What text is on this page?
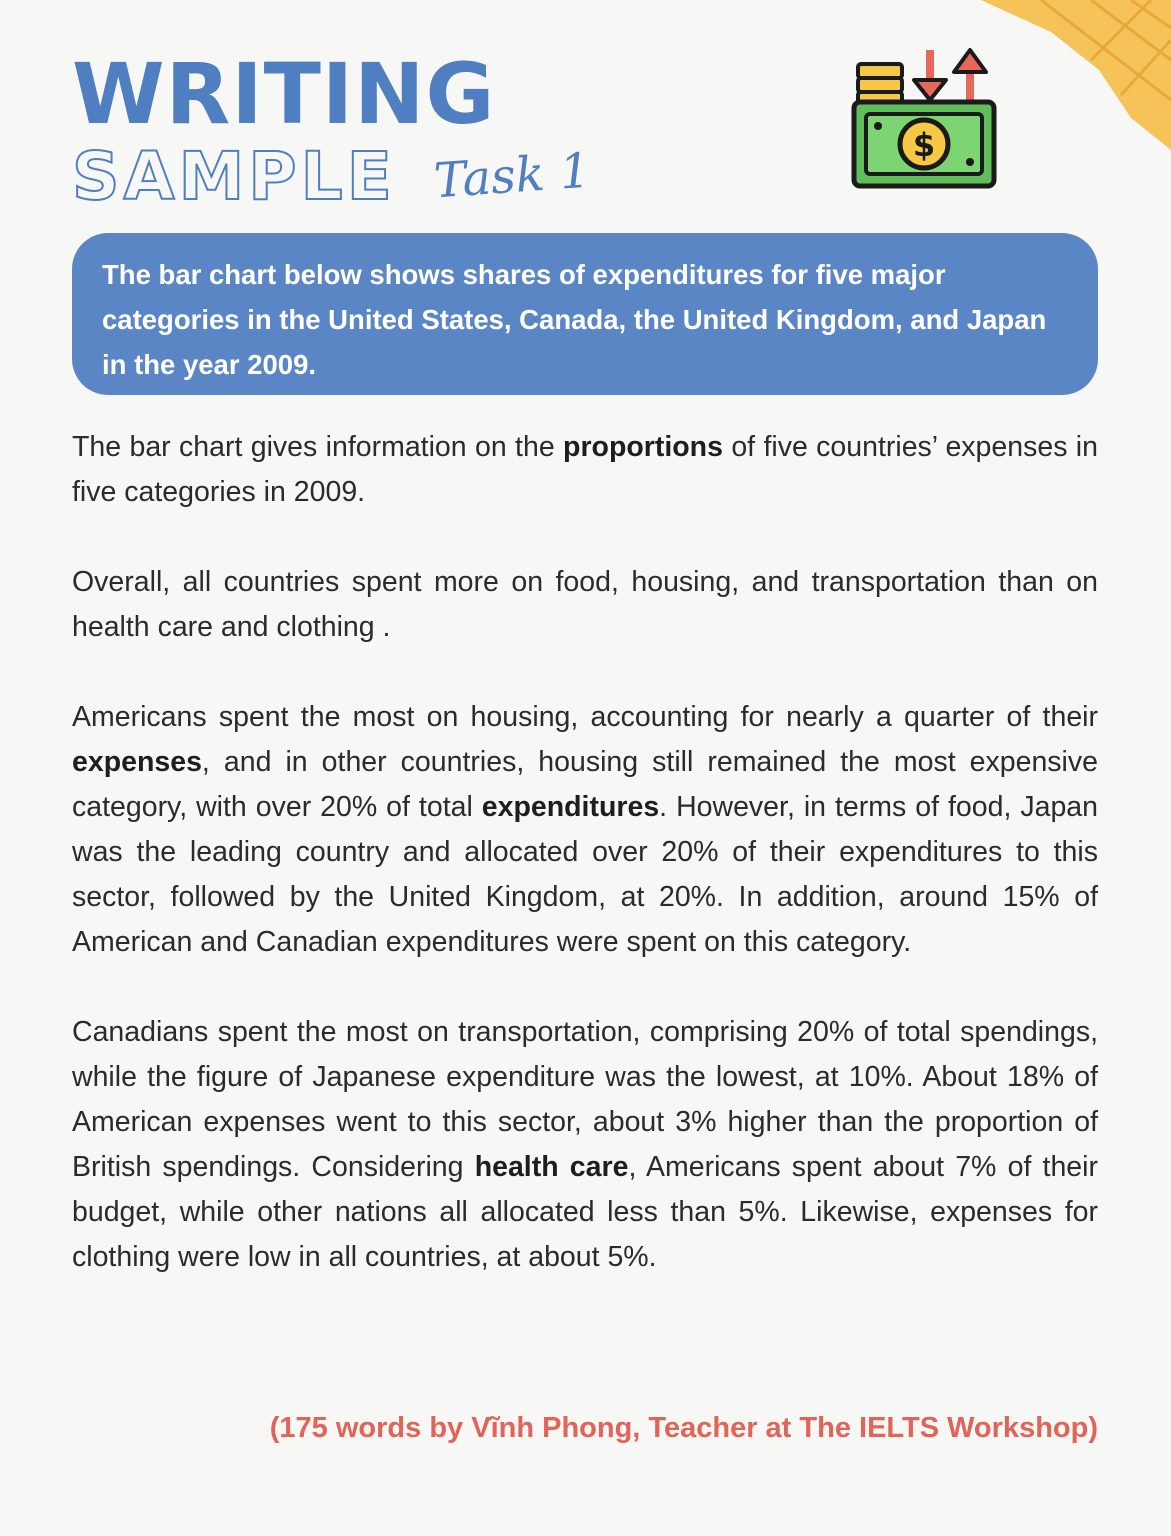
WRITING
SAMPLE Task 1	$
The bar chart below shows shares of expenditures for five major categories in the United States, Canada, the United Kingdom, and Japan in the year 2009.

The bar chart gives information on the proportions of five countries’ expenses in five categories in 2009.

Overall, all countries spent more on food, housing, and transportation than on health care and clothing .

Americans spent the most on housing, accounting for nearly a quarter of their expenses, and in other countries, housing still remained the most expensive category, with over 20% of total expenditures. However, in terms of food, Japan was the leading country and allocated over 20% of their expenditures to this sector, followed by the United Kingdom, at 20%. In addition, around 15% of American and Canadian expenditures were spent on this category.

Canadians spent the most on transportation, comprising 20% of total spendings, while the figure of Japanese expenditure was the lowest, at 10%. About 18% of American expenses went to this sector, about 3% higher than the proportion of British spendings. Considering health care, Americans spent about 7% of their budget, while other nations all allocated less than 5%. Likewise, expenses for clothing were low in all countries, at about 5%.

(175 words by Vĩnh Phong, Teacher at The IELTS Workshop)
